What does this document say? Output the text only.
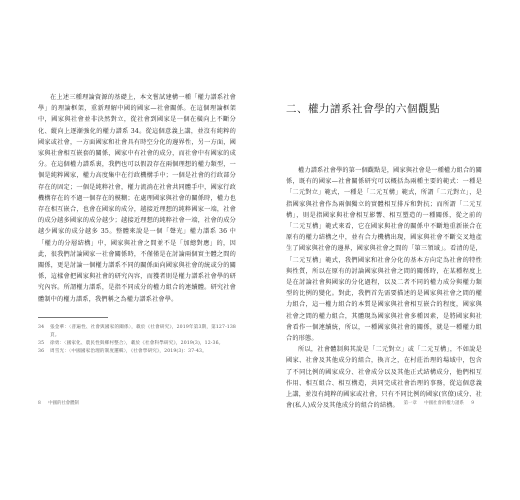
在上述三種理論資源的基礎上，本文嘗試建構一種「權力譜系社會學」的理論框架，重新理解中國的國家—社會關係。在這個理論框架中，國家與社會並非決然對立，從社會到國家是一個在橫向上不斷分化、縱向上逐漸強化的權力譜系 34。從這個意義上講，並沒有純粹的國家或社會，一方面國家和社會具有時空分化的邊界性，另一方面，國家與社會相互嵌套的關係，國家中有社會的成分，而社會中有國家的成分。在這個權力譜系裏，我們也可以假設存在兩個理想的權力類型，一個是純粹國家，權力高度集中在行政機構手中；一個是社會的行政部分存在的固定；一個是純粹社會，權力流淌在社會共同體手中，國家行政機構存在的不過一個存在的模糊；在處理國家與社會的關係時，權力也存在相互嵌合，也會在國家的成分，越接近理想的純粹國家一端，社會的成分越多國家的成分越少；越接近理想的純粹社會一端，社會的成分越少國家的成分越多 35。整體來說是一個「聲光」權力譜系 36 中「權力的分層結構」中，國家與社會之間並不是「加總對應」的，因此，很我們討論國家一社會關係時，不僅僅是在討論兩個實主體之間的關係，更是討論一個權力譜系不同的關係面向國家與社會的統或分的關係，這樣會把國家與社會的研究內容，而獲者則是權力譜系社會學的研究內容。所謂權力譜系，是指不同成分的權力組合的連續體。研究社會體制中的權力譜系，我們稱之為權力譜系社會學。

34	張金華：〈普遍性、社會與國家的關係〉，載於《社會研究》，2019年第3期，第127-138頁。
35	徐勇：〈國家化、農民性與鄉村整合〉，載於《社會科學研究》，2019(3)，12-36。
36	周雪光：〈中國國家治理的制度邏輯〉，《社會學研究》，2019(3)：37-43。
8 中國的社會體制
二、權力譜系社會學的六個觀點

權力譜系社會學的第一個觀點是，國家與社會是一種權力組合的關係，既有的國家—社會關係研究可以概括為兩種主要的範式：一種是「二元對立」範式，一種是「二元互構」範式，所謂「二元對立」，是指國家與社會作為兩個獨立的實體相互排斥和對抗；而所謂「二元互構」，則是指國家與社會相互影響、相互塑造的一種關係，從之前的「二元互構」範式來看，它在國家與社會的關係中不斷地重新嵌合在原有的權力結構之中，並有合力機構出現，國家與社會不斷交叉地產生了國家與社會的邊界，國家與社會之間的「第三領域」。看清的是，「二元互構」範式，我們國家和社會分化的基本方向定為社會的特性與性質，所以在原有的討論國家與社會之間的關係時，在某種程度上是在討論社會與國家的分化過程，以及二者不同的權力成分與權力類型的比例的變化。對此，我們首先需要描述的是國家與社會之間的權力組合，這一權力組合的本質是國家與社會相互嵌合的程度，國家與社會之間的權力組合，其體現為國家與社會多種因素，是將國家與社會看作一個連續統，所以，一種國家與社會的關係，就是一種權力組合的形態。

所以，社會體制與其說是「二元對立」或「二元互構」，不如說是國家、社會及其他成分的組合，換言之，在村莊治理的場域中，包含了不同比例的國家成分、社會成分以及其他正式結構成分，他們相互作用、相互組合、相互構造，共同完成社會治理的事務，從這個意義上講，並沒有純粹的國家或社會，只有不同比例的國家(官僚)成分、社會(私人)成分及其他成分的組合的結構。	第一章 中國社會的權力譜系 9
